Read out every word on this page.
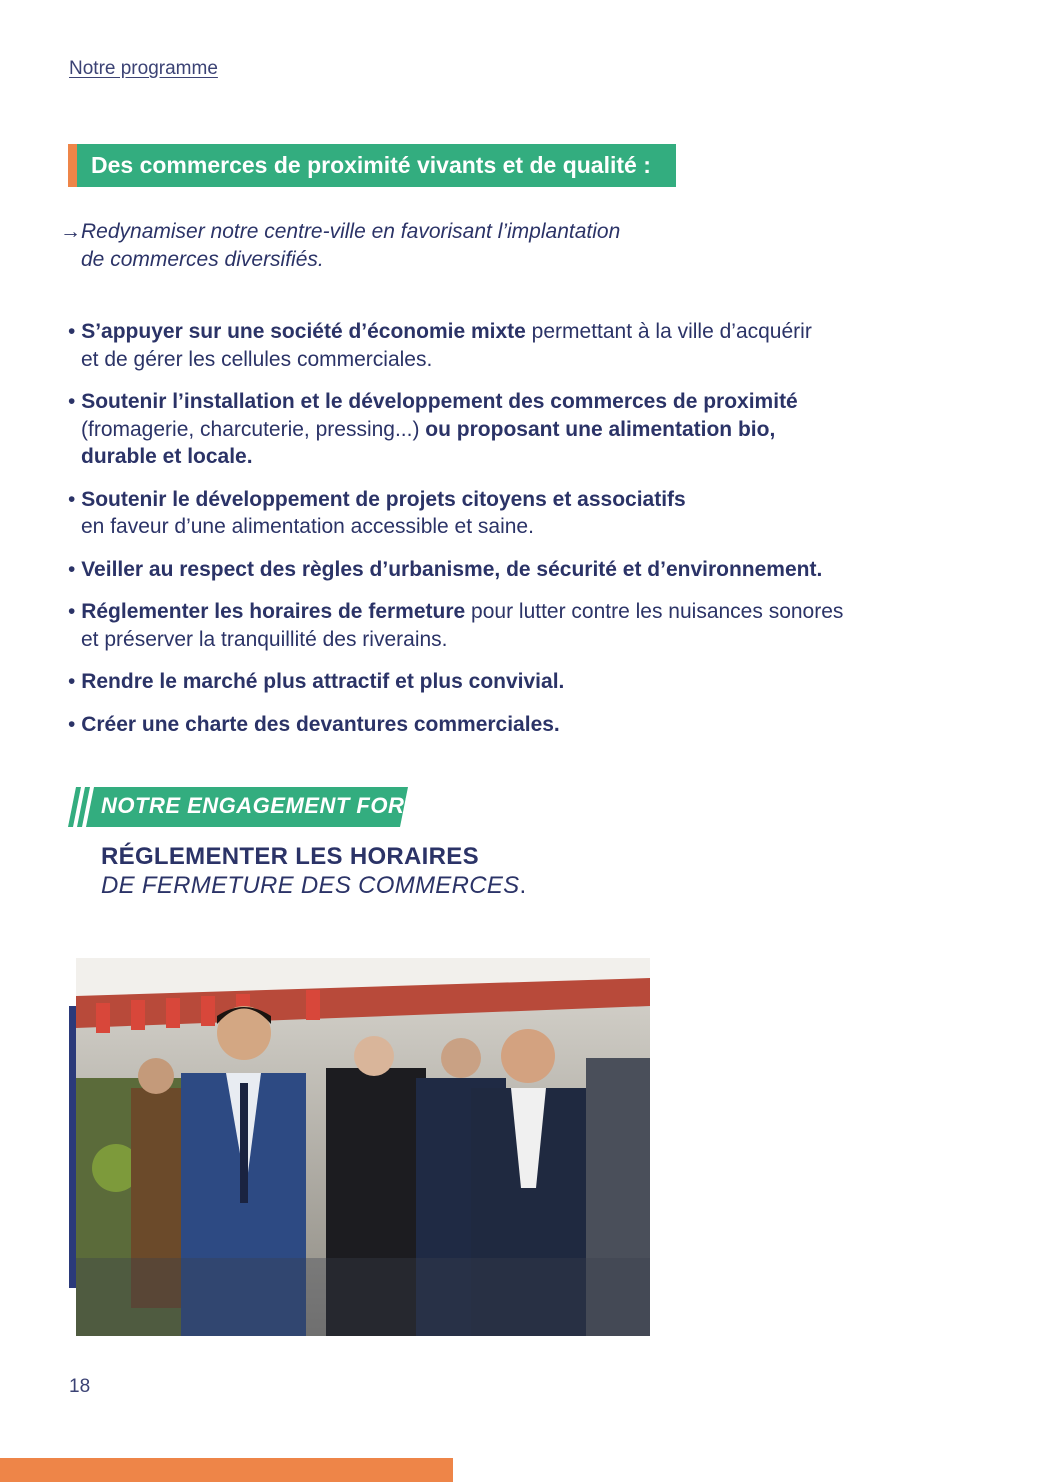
Notre programme
Des commerces de proximité vivants et de qualité :
→Redynamiser notre centre-ville en favorisant l’implantation
de commerces diversifiés.
• S’appuyer sur une société d’économie mixte permettant à la ville d’acquérir
et de gérer les cellules commerciales.
• Soutenir l’installation et le développement des commerces de proximité
(fromagerie, charcuterie, pressing...) ou proposant une alimentation bio,
durable et locale.
• Soutenir le développement de projets citoyens et associatifs
en faveur d’une alimentation accessible et saine.
• Veiller au respect des règles d’urbanisme, de sécurité et d’environnement.
• Réglementer les horaires de fermeture pour lutter contre les nuisances sonores
et préserver la tranquillité des riverains.
• Rendre le marché plus attractif et plus convivial.
• Créer une charte des devantures commerciales.
NOTRE ENGAGEMENT FORT :
RÉGLEMENTER LES HORAIRES
DE FERMETURE DES COMMERCES.
18
